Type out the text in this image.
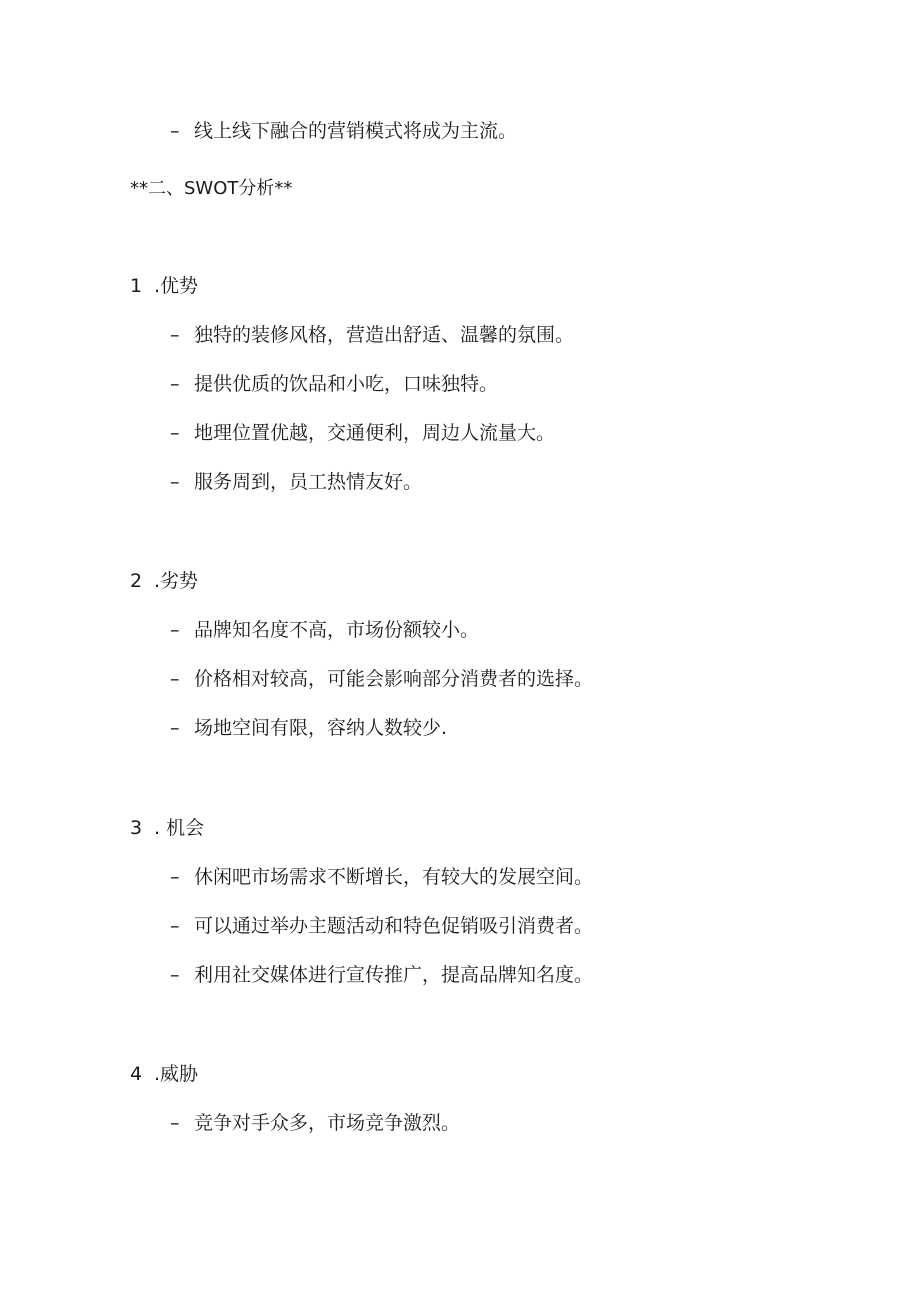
– 线上线下融合的营销模式将成为主流。
**二、SWOT分析**
1 .优势
– 独特的装修风格，营造出舒适、温馨的氛围。
– 提供优质的饮品和小吃，口味独特。
– 地理位置优越，交通便利，周边人流量大。
– 服务周到，员工热情友好。
2 .劣势
– 品牌知名度不高，市场份额较小。
– 价格相对较高，可能会影响部分消费者的选择。
– 场地空间有限，容纳人数较少.
3 . 机会
– 休闲吧市场需求不断增长，有较大的发展空间。
– 可以通过举办主题活动和特色促销吸引消费者。
– 利用社交媒体进行宣传推广，提高品牌知名度。
4 .威胁
– 竞争对手众多，市场竞争激烈。
